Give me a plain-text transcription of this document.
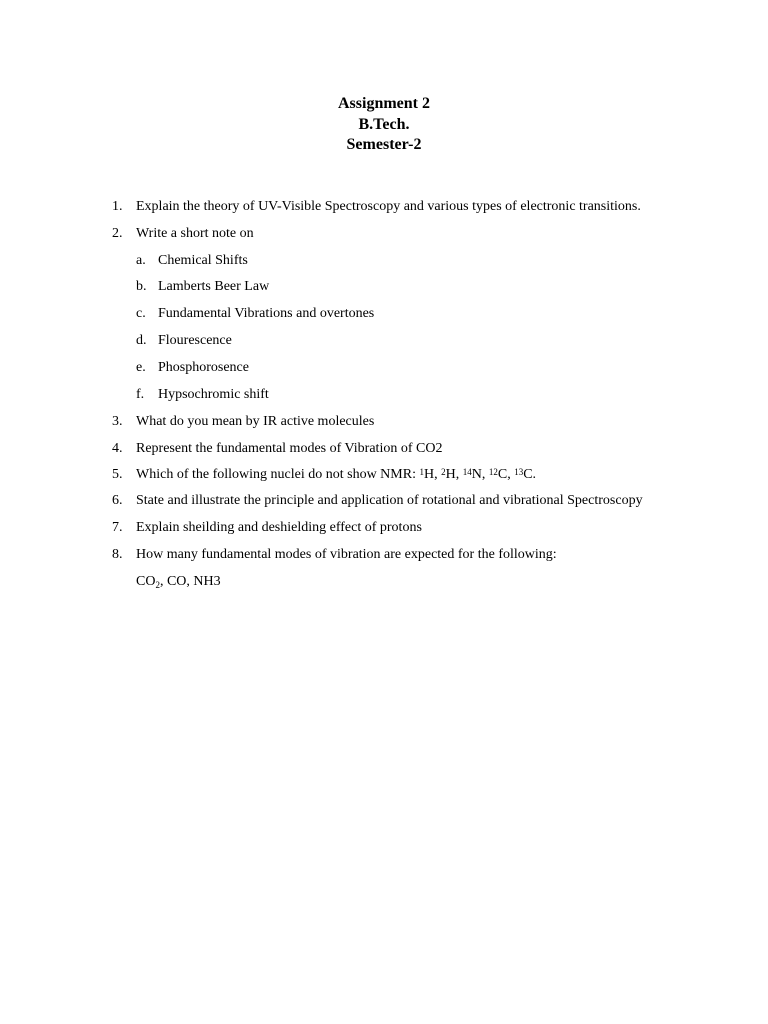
Assignment 2
B.Tech.
Semester-2
1. Explain the theory of UV-Visible Spectroscopy and various types of electronic transitions.
2. Write a short note on
a. Chemical Shifts
b. Lamberts Beer Law
c. Fundamental Vibrations and overtones
d. Flourescence
e. Phosphorosence
f. Hypsochromic shift
3. What do you mean by IR active molecules
4. Represent the fundamental modes of Vibration of CO2
5. Which of the following nuclei do not show NMR: $^1$H, $^2$H, $^{14}$N, $^{12}$C, $^{13}$C.
6. State and illustrate the principle and application of rotational and vibrational Spectroscopy
7. Explain sheilding and deshielding effect of protons
8. How many fundamental modes of vibration are expected for the following:
$CO_2$, CO, NH3
